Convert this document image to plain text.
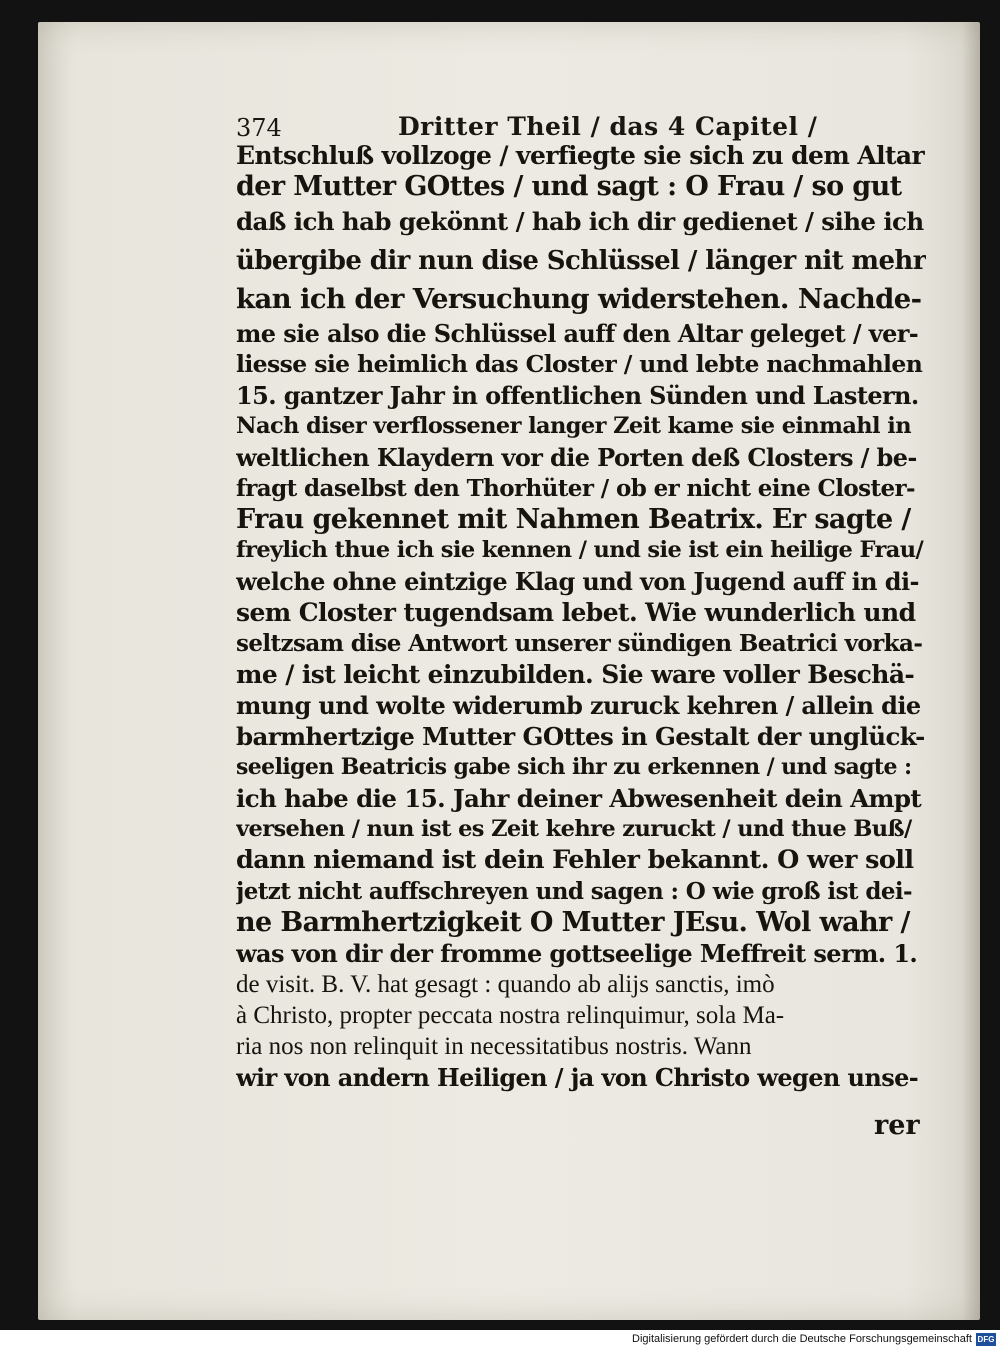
374	Dritter Theil / das 4 Capitel /
Entschluß vollzoge / verfiegte sie sich zu dem Altar
der Mutter GOttes / und sagt : O Frau / so gut
daß ich hab gekönnt / hab ich dir gedienet / sihe ich
übergibe dir nun dise Schlüssel / länger nit mehr
kan ich der Versuchung widerstehen. Nachde-
me sie also die Schlüssel auff den Altar geleget / ver-
liesse sie heimlich das Closter / und lebte nachmahlen
15. gantzer Jahr in offentlichen Sünden und Lastern.
Nach diser verflossener langer Zeit kame sie einmahl in
weltlichen Klaydern vor die Porten deß Closters / be-
fragt daselbst den Thorhüter / ob er nicht eine Closter-
Frau gekennet mit Nahmen Beatrix. Er sagte /
freylich thue ich sie kennen / und sie ist ein heilige Frau/
welche ohne eintzige Klag und von Jugend auff in di-
sem Closter tugendsam lebet. Wie wunderlich und
seltzsam dise Antwort unserer sündigen Beatrici vorka-
me / ist leicht einzubilden. Sie ware voller Beschä-
mung und wolte widerumb zuruck kehren / allein die
barmhertzige Mutter GOttes in Gestalt der unglück-
seeligen Beatricis gabe sich ihr zu erkennen / und sagte :
ich habe die 15. Jahr deiner Abwesenheit dein Ampt
versehen / nun ist es Zeit kehre zuruckt / und thue Buß/
dann niemand ist dein Fehler bekannt. O wer soll
jetzt nicht auffschreyen und sagen : O wie groß ist dei-
ne Barmhertzigkeit O Mutter JEsu. Wol wahr /
was von dir der fromme gottseelige Meffreit serm. 1.
de visit. B. V. hat gesagt : quando ab alijs sanctis, imò
à Christo, propter peccata nostra relinquimur, sola Ma-
ria nos non relinquit in necessitatibus nostris. Wann
wir von andern Heiligen / ja von Christo wegen unse-
rer
Digitalisierung gefördert durch die Deutsche Forschungsgemeinschaft DFG
